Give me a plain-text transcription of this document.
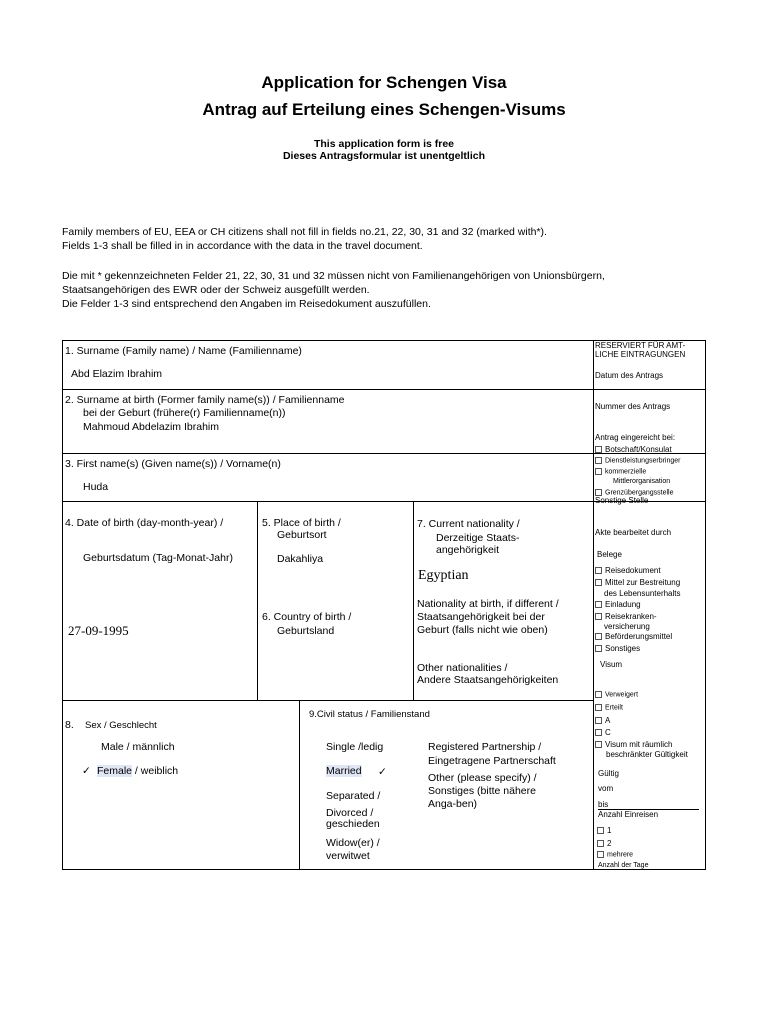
Application for Schengen Visa
Antrag auf Erteilung eines Schengen-Visums
This application form is free
Dieses Antragsformular ist unentgeltlich
Family members of EU, EEA or CH citizens shall not fill in fields no.21, 22, 30, 31 and 32 (marked with*).
Fields 1-3 shall be filled in in accordance with the data in the travel document.
Die mit * gekennzeichneten Felder 21, 22, 30, 31 und 32 müssen nicht von Familienangehörigen von Unionsbürgern,
Staatsangehörigen des EWR oder der Schweiz ausgefüllt werden.
Die Felder 1-3 sind entsprechend den Angaben im Reisedokument auszufüllen.
1. Surname (Family name) / Name (Familienname)
Abd Elazim Ibrahim
2. Surname at birth (Former family name(s)) / Familienname
bei der Geburt (frühere(r) Familienname(n))
Mahmoud Abdelazim Ibrahim
3. First name(s) (Given name(s)) / Vorname(n)
Huda
4. Date of birth (day-month-year) /
Geburtsdatum (Tag-Monat-Jahr)
27-09-1995
5. Place of birth /
Geburtsort
Dakahliya
6. Country of birth /
Geburtsland
7. Current nationality /
Derzeitige Staats-
angehörigkeit
Egyptian
Nationality at birth, if different /
Staatsangehörigkeit bei der
Geburt (falls nicht wie oben)
Other nationalities /
Andere Staatsangehörigkeiten
8. Sex / Geschlecht
Male / männlich
✓ Female / weiblich
9.Civil status / Familienstand
Single /ledig
Married ✓
Separated /
Divorced /
geschieden
Widow(er) /
verwitwet
Registered Partnership /
Eingetragene Partnerschaft
Other (please specify) /
Sonstiges (bitte nähere
Anga-ben)
RESERVIERT FÜR AMT-
LICHE EINTRAGUNGEN
Datum des Antrags
Nummer des Antrags
Antrag eingereicht bei:
Botschaft/Konsulat
Dienstleistungserbringer
kommerzielle
Mittlerorganisation
Grenzübergangsstelle
Sonstige Stelle
Akte bearbeitet durch
Belege
Reisedokument
Mittel zur Bestreitung
des Lebensunterhalts
Einladung
Reisekranken-
versicherung
Beförderungsmittel
Sonstiges
Visum
Verweigert
Erteilt
A
C
Visum mit räumlich
beschränkter Gültigkeit
Gültig
vom
bis
Anzahl Einreisen
1
2
mehrere
Anzahl der Tage
